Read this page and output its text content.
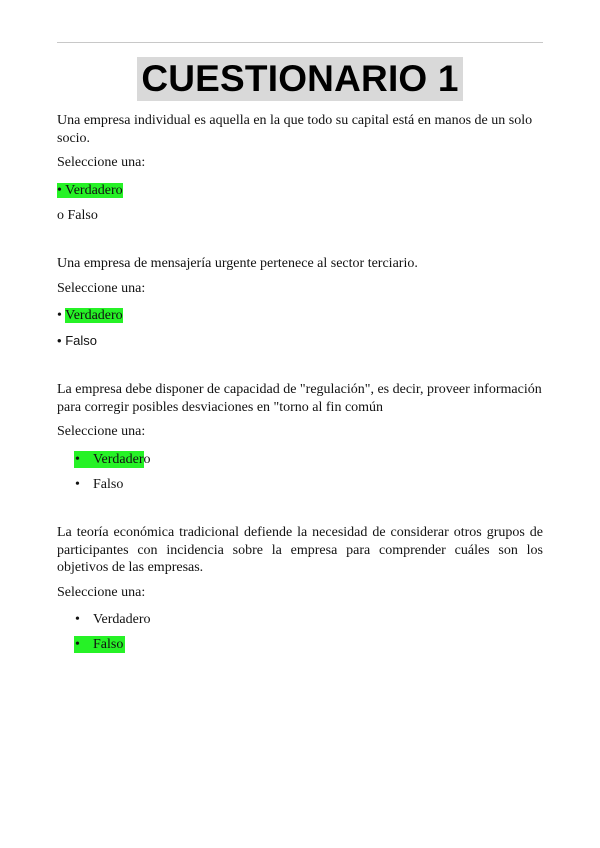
CUESTIONARIO 1

Una empresa individual es aquella en la que todo su capital está en manos de un solo socio.

Seleccione una:

• Verdadero
o Falso

Una empresa de mensajería urgente pertenece al sector terciario.

Seleccione una:

• Verdadero
• Falso

La empresa debe disponer de capacidad de "regulación", es decir, proveer información para corregir posibles desviaciones en "torno al fin común

Seleccione una:

• Verdadero
• Falso

La teoría económica tradicional defiende la necesidad de considerar otros grupos de participantes con incidencia sobre la empresa para comprender cuáles son los objetivos de las empresas.

Seleccione una:

• Verdadero
• Falso
